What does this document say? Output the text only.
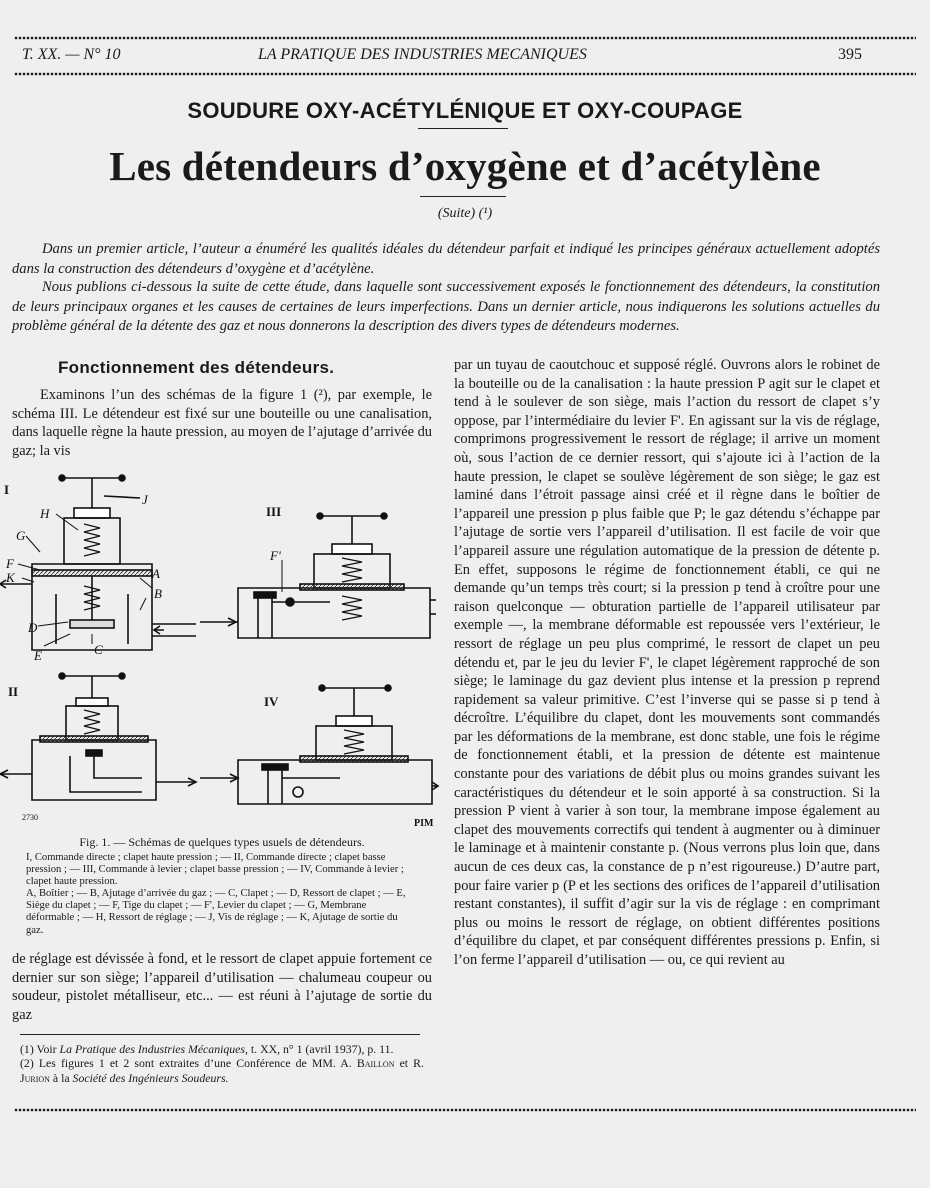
T. XX. — N° 10	LA PRATIQUE DES INDUSTRIES MECANIQUES	395
SOUDURE OXY-ACÉTYLÉNIQUE ET OXY-COUPAGE
Les détendeurs d’oxygène et d’acétylène
(Suite) (¹)

Dans un premier article, l’auteur a énuméré les qualités idéales du détendeur parfait et indiqué les principes généraux actuellement adoptés dans la construction des détendeurs d’oxygène et d’acétylène.

Nous publions ci-dessous la suite de cette étude, dans laquelle sont successivement exposés le fonctionnement des détendeurs, la constitution de leurs principaux organes et les causes de certaines de leurs imperfections. Dans un dernier article, nous indiquerons les solutions actuelles du problème général de la détente des gaz et nous donnerons la description des divers types de détendeurs modernes.

Fonctionnement des détendeurs.

Examinons l’un des schémas de la figure 1 (²), par exemple, le schéma III. Le détendeur est fixé sur une bouteille ou une canalisation, dans laquelle règne la haute pression, au moyen de l’ajutage d’arrivée du gaz; la vis

I
J
H
G
F
K	A
B
D
E	C
III
F'
II
IV
2730
PIM

Fig. 1. — Schémas de quelques types usuels de détendeurs.

I, Commande directe ; clapet haute pression ; — II, Commande directe ; clapet basse pression ; — III, Commande à levier ; clapet basse pression ; — IV, Commande à levier ; clapet haute pression.

A, Boîtier ; — B, Ajutage d’arrivée du gaz ; — C, Clapet ; — D, Ressort de clapet ; — E, Siège du clapet ; — F, Tige du clapet ; — F', Levier du clapet ; — G, Membrane déformable ; — H, Ressort de réglage ; — J, Vis de réglage ; — K, Ajutage de sortie du gaz.

de réglage est dévissée à fond, et le ressort de clapet appuie fortement ce dernier sur son siège; l’appareil d’utilisation — chalumeau coupeur ou soudeur, pistolet métalliseur, etc... — est réuni à l’ajutage de sortie du gaz

(1) Voir La Pratique des Industries Mécaniques, t. XX, n° 1 (avril 1937), p. 11.

(2) Les figures 1 et 2 sont extraites d’une Conférence de MM. A. Baillon et R. Jurion à la Société des Ingénieurs Soudeurs.

par un tuyau de caoutchouc et supposé réglé. Ouvrons alors le robinet de la bouteille ou de la canalisation : la haute pression P agit sur le clapet et tend à le soulever de son siège, mais l’action du ressort de clapet s’y oppose, par l’intermédiaire du levier F'. En agissant sur la vis de réglage, comprimons progressivement le ressort de réglage; il arrive un moment où, sous l’action de ce dernier ressort, qui s’ajoute ici à l’action de la haute pression, le clapet se soulève légèrement de son siège; le gaz est laminé dans l’étroit passage ainsi créé et il règne dans le boîtier de l’appareil une pression p plus faible que P; le gaz détendu s’échappe par l’ajutage de sortie vers l’appareil d’utilisation. Il est facile de voir que l’appareil assure une régulation automatique de la pression de détente p. En effet, supposons le régime de fonctionnement établi, ce qui ne demande qu’un temps très court; si la pression p tend à croître pour une raison quelconque — obturation partielle de l’appareil utilisateur par exemple —, la membrane déformable est repoussée vers l’extérieur, le ressort de réglage un peu plus comprimé, le ressort de clapet un peu détendu et, par le jeu du levier F', le clapet légèrement rapproché de son siège; le laminage du gaz devient plus intense et la pression p reprend rapidement sa valeur primitive. C’est l’inverse qui se passe si p tend à décroître. L’équilibre du clapet, dont les mouvements sont commandés par les déformations de la membrane, est donc stable, une fois le régime de fonctionnement établi, et la pression de détente est maintenue constante pour des variations de débit plus ou moins grandes suivant les caractéristiques du détendeur et le soin apporté à sa construction. Si la pression P vient à varier à son tour, la membrane impose également au clapet des mouvements correctifs qui tendent à augmenter ou à diminuer le laminage et à maintenir constante p. (Nous verrons plus loin que, dans aucun de ces deux cas, la constance de p n’est rigoureuse.) D’autre part, pour faire varier p (P et les sections des orifices de l’appareil d’utilisation restant constantes), il suffit d’agir sur la vis de réglage : en comprimant plus ou moins le ressort de réglage, on obtient différentes positions d’équilibre du clapet, et par conséquent différentes pressions p. Enfin, si l’on ferme l’appareil d’utilisation — ou, ce qui revient au
